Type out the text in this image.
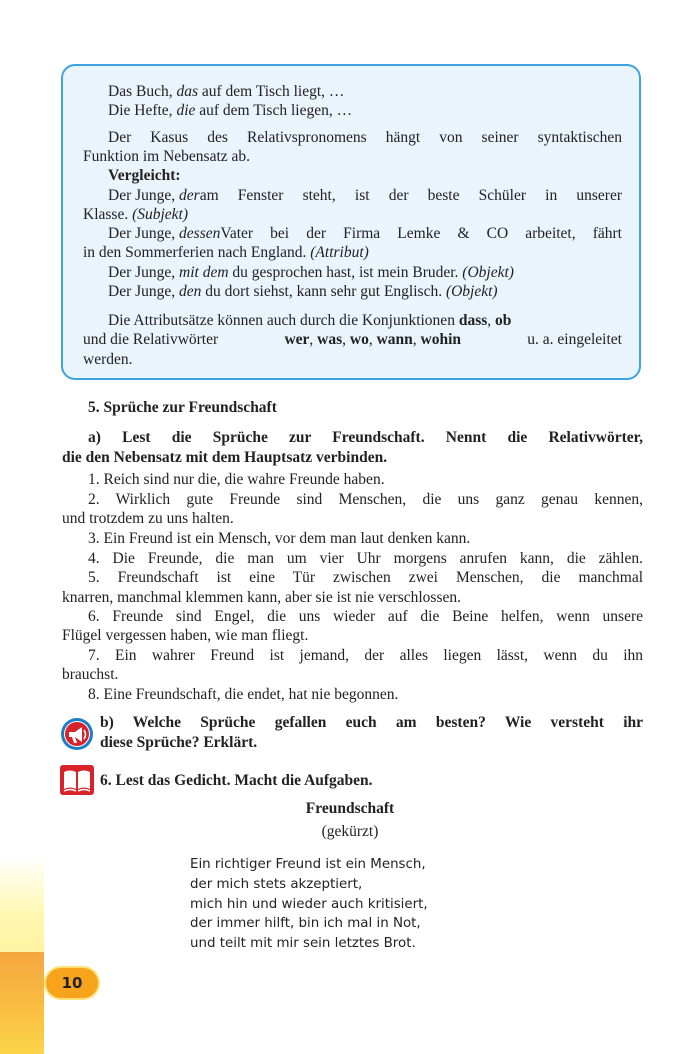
Das Buch, das auf dem Tisch liegt, …
Die Hefte, die auf dem Tisch liegen, …
Der Kasus des Relativspronomens hängt von seiner syntaktischen
Funktion im Nebensatz ab.
Vergleicht:
Der Junge, der am Fenster steht, ist der beste Schüler in unserer
Klasse. (Subjekt)
Der Junge, dessen Vater bei der Firma Lemke & CO arbeitet, fährt
in den Sommerferien nach England. (Attribut)
Der Junge, mit dem du gesprochen hast, ist mein Bruder. (Objekt)
Der Junge, den du dort siehst, kann sehr gut Englisch. (Objekt)
Die Attributsätze können auch durch die Konjunktionen dass, ob
und die Relativwörter	wer, was, wo, wann, wohin	u. a. eingeleitet
werden.
5. Sprüche zur Freundschaft
a) Lest die Sprüche zur Freundschaft. Nennt die Relativwörter,
die den Nebensatz mit dem Hauptsatz verbinden.
1. Reich sind nur die, die wahre Freunde haben.
2. Wirklich gute Freunde sind Menschen, die uns ganz genau kennen,
und trotzdem zu uns halten.
3. Ein Freund ist ein Mensch, vor dem man laut denken kann.
4. Die Freunde, die man um vier Uhr morgens anrufen kann, die zählen.
5. Freundschaft ist eine Tür zwischen zwei Menschen, die manchmal
knarren, manchmal klemmen kann, aber sie ist nie verschlossen.
6. Freunde sind Engel, die uns wieder auf die Beine helfen, wenn unsere
Flügel vergessen haben, wie man fliegt.
7. Ein wahrer Freund ist jemand, der alles liegen lässt, wenn du ihn
brauchst.
8. Eine Freundschaft, die endet, hat nie begonnen.
b) Welche Sprüche gefallen euch am besten? Wie versteht ihr
diese Sprüche? Erklärt.
6. Lest das Gedicht. Macht die Aufgaben.
Freundschaft
(gekürzt)
Ein richtiger Freund ist ein Mensch,
der mich stets akzeptiert,
mich hin und wieder auch kritisiert,
der immer hilft, bin ich mal in Not,
und teilt mit mir sein letztes Brot.
10
